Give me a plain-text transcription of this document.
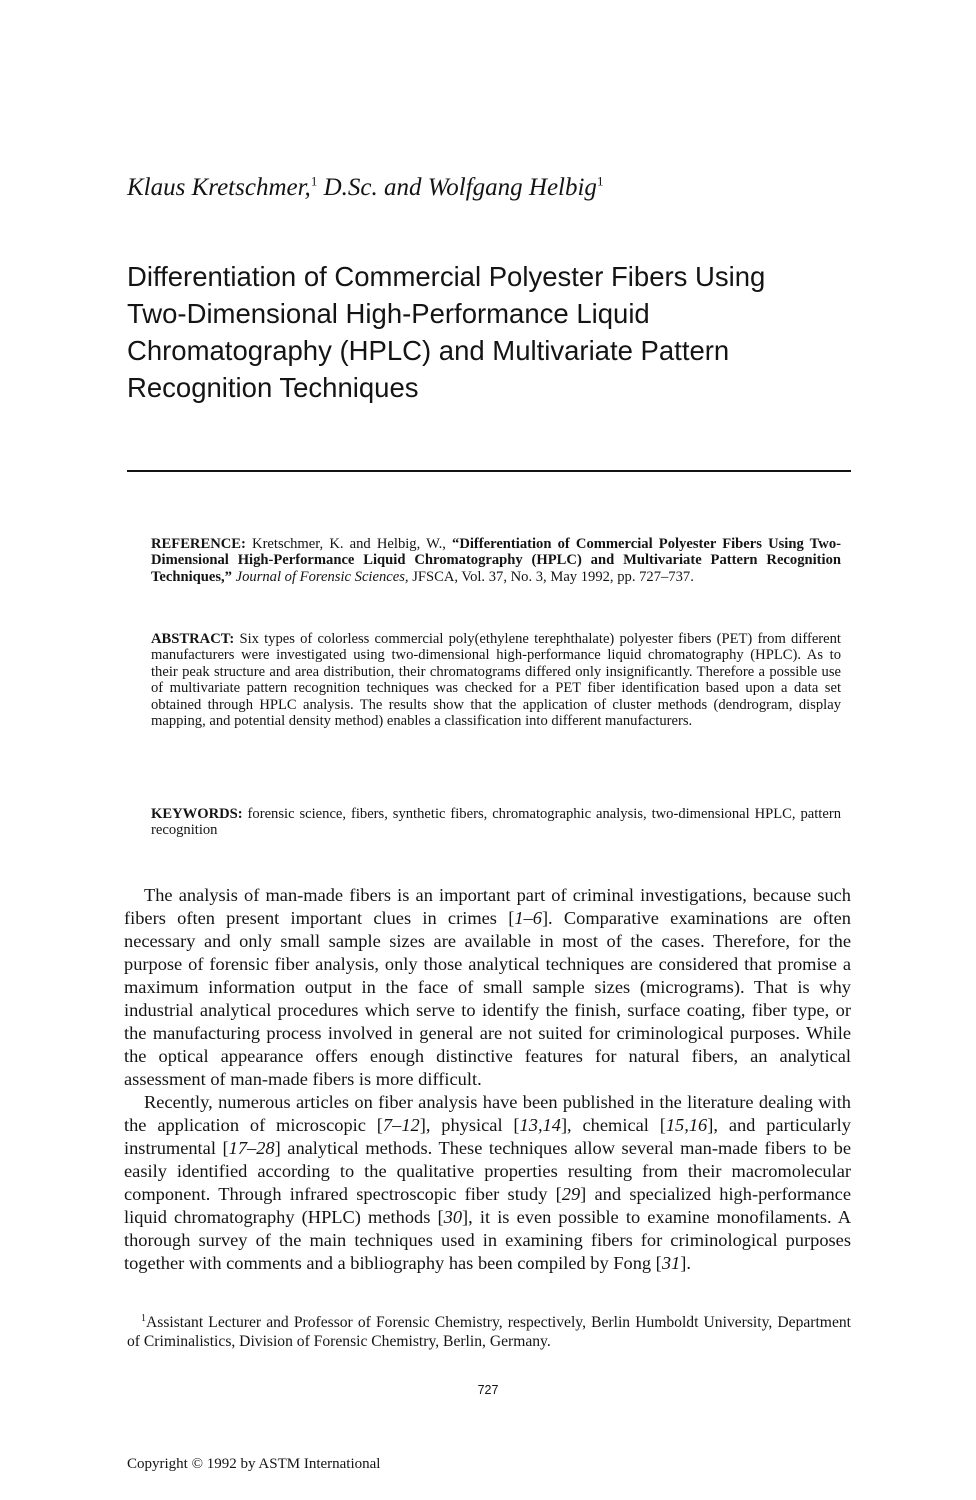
Klaus Kretschmer,$^1$ D.Sc. and Wolfgang Helbig$^1$
Differentiation of Commercial Polyester Fibers Using
Two-Dimensional High-Performance Liquid
Chromatography (HPLC) and Multivariate Pattern
Recognition Techniques
REFERENCE: Kretschmer, K. and Helbig, W., “Differentiation of Commercial Polyester Fibers Using Two-Dimensional High-Performance Liquid Chromatography (HPLC) and Multivariate Pattern Recognition Techniques,” Journal of Forensic Sciences, JFSCA, Vol. 37, No. 3, May 1992, pp. 727–737.
ABSTRACT: Six types of colorless commercial poly(ethylene terephthalate) polyester fibers (PET) from different manufacturers were investigated using two-dimensional high-performance liquid chromatography (HPLC). As to their peak structure and area distribution, their chromatograms differed only insignificantly. Therefore a possible use of multivariate pattern recognition techniques was checked for a PET fiber identification based upon a data set obtained through HPLC analysis. The results show that the application of cluster methods (dendrogram, display mapping, and potential density method) enables a classification into different manufacturers.
KEYWORDS: forensic science, fibers, synthetic fibers, chromatographic analysis, two-dimensional HPLC, pattern recognition

The analysis of man-made fibers is an important part of criminal investigations, because such fibers often present important clues in crimes [1–6]. Comparative examinations are often necessary and only small sample sizes are available in most of the cases. Therefore, for the purpose of forensic fiber analysis, only those analytical techniques are considered that promise a maximum information output in the face of small sample sizes (micrograms). That is why industrial analytical procedures which serve to identify the finish, surface coating, fiber type, or the manufacturing process involved in general are not suited for criminological purposes. While the optical appearance offers enough distinctive features for natural fibers, an analytical assessment of man-made fibers is more difficult.

Recently, numerous articles on fiber analysis have been published in the literature dealing with the application of microscopic [7–12], physical [13,14], chemical [15,16], and particularly instrumental [17–28] analytical methods. These techniques allow several man-made fibers to be easily identified according to the qualitative properties resulting from their macromolecular component. Through infrared spectroscopic fiber study [29] and specialized high-performance liquid chromatography (HPLC) methods [30], it is even possible to examine monofilaments. A thorough survey of the main techniques used in examining fibers for criminological purposes together with comments and a bibliography has been compiled by Fong [31].

$^1$Assistant Lecturer and Professor of Forensic Chemistry, respectively, Berlin Humboldt University, Department of Criminalistics, Division of Forensic Chemistry, Berlin, Germany.
727
Copyright © 1992 by ASTM International
